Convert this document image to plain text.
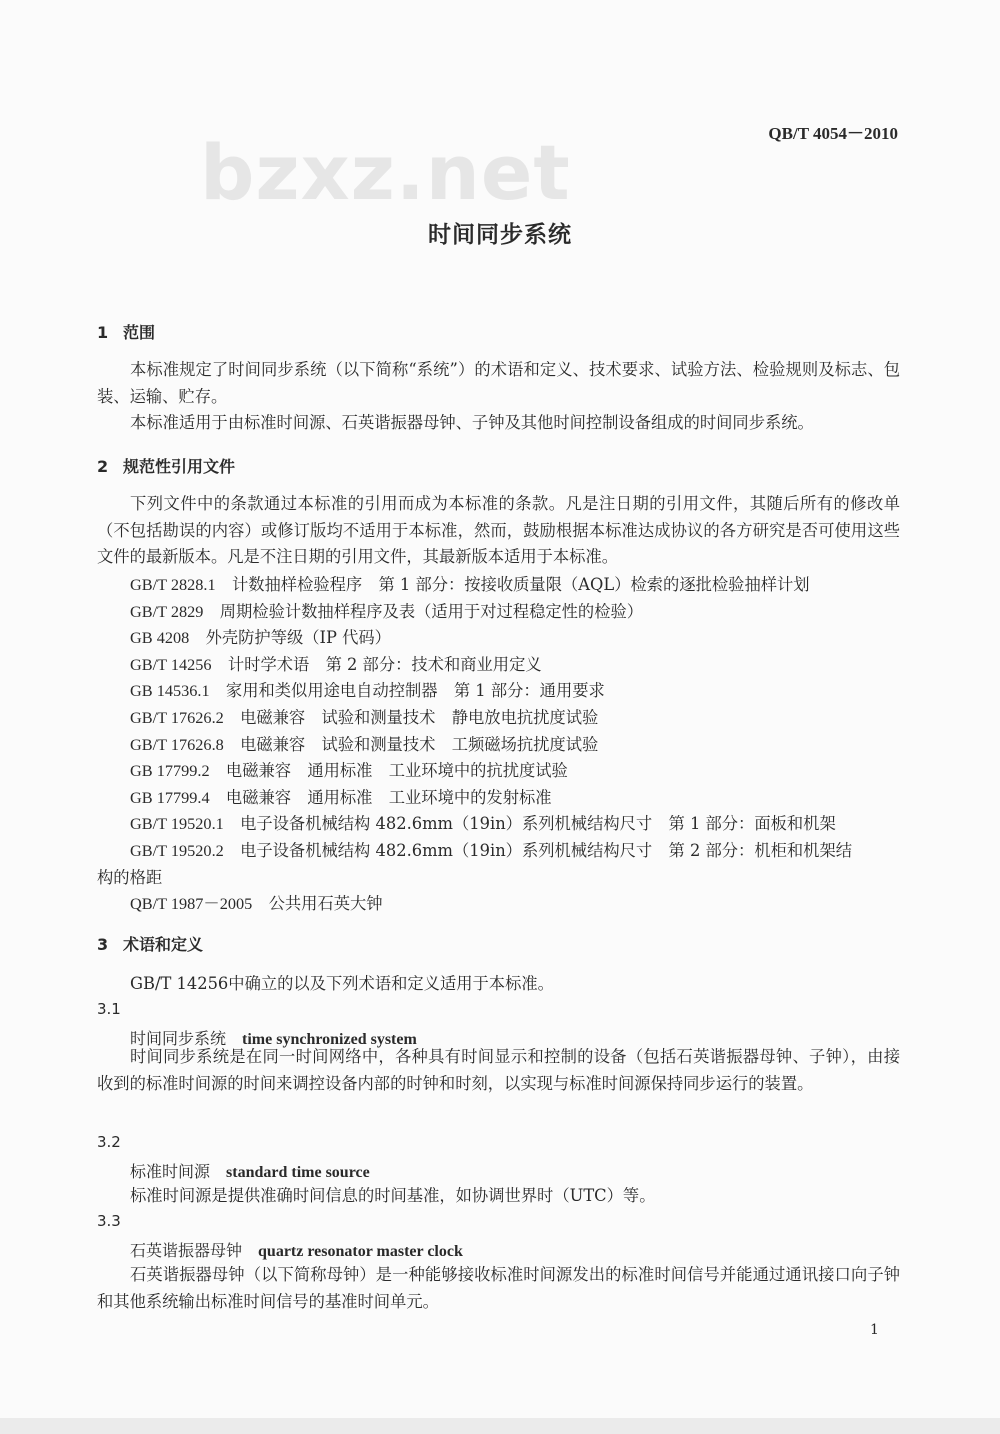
QB/T 4054－2010
bzxz.net
时间同步系统
1 范围
本标准规定了时间同步系统（以下简称“系统”）的术语和定义、技术要求、试验方法、检验规则及标志、包装、运输、贮存。
本标准适用于由标准时间源、石英谐振器母钟、子钟及其他时间控制设备组成的时间同步系统。
2 规范性引用文件
下列文件中的条款通过本标准的引用而成为本标准的条款。凡是注日期的引用文件，其随后所有的修改单（不包括勘误的内容）或修订版均不适用于本标准，然而，鼓励根据本标准达成协议的各方研究是否可使用这些文件的最新版本。凡是不注日期的引用文件，其最新版本适用于本标准。
GB/T 2828.1　 计数抽样检验程序　第 1 部分：按接收质量限（AQL）检索的逐批检验抽样计划
GB/T 2829　 周期检验计数抽样程序及表（适用于对过程稳定性的检验）
GB 4208　 外壳防护等级（IP 代码）
GB/T 14256　 计时学术语　第 2 部分：技术和商业用定义
GB 14536.1　 家用和类似用途电自动控制器　第 1 部分：通用要求
GB/T 17626.2　 电磁兼容　试验和测量技术　静电放电抗扰度试验
GB/T 17626.8　 电磁兼容　试验和测量技术　工频磁场抗扰度试验
GB 17799.2　 电磁兼容　通用标准　工业环境中的抗扰度试验
GB 17799.4　 电磁兼容　通用标准　工业环境中的发射标准
GB/T 19520.1　 电子设备机械结构 482.6mm（19in）系列机械结构尺寸　第 1 部分：面板和机架
GB/T 19520.2　 电子设备机械结构 482.6mm（19in）系列机械结构尺寸　第 2 部分：机柜和机架结
构的格距
QB/T 1987－2005　 公共用石英大钟
3 术语和定义
GB/T 14256中确立的以及下列术语和定义适用于本标准。
3.1
时间同步系统 time synchronized system
时间同步系统是在同一时间网络中，各种具有时间显示和控制的设备（包括石英谐振器母钟、子钟），由接收到的标准时间源的时间来调控设备内部的时钟和时刻，以实现与标准时间源保持同步运行的装置。
3.2
标准时间源 standard time source
标准时间源是提供准确时间信息的时间基准，如协调世界时（UTC）等。
3.3
石英谐振器母钟 quartz resonator master clock
石英谐振器母钟（以下简称母钟）是一种能够接收标准时间源发出的标准时间信号并能通过通讯接口向子钟和其他系统输出标准时间信号的基准时间单元。
1
